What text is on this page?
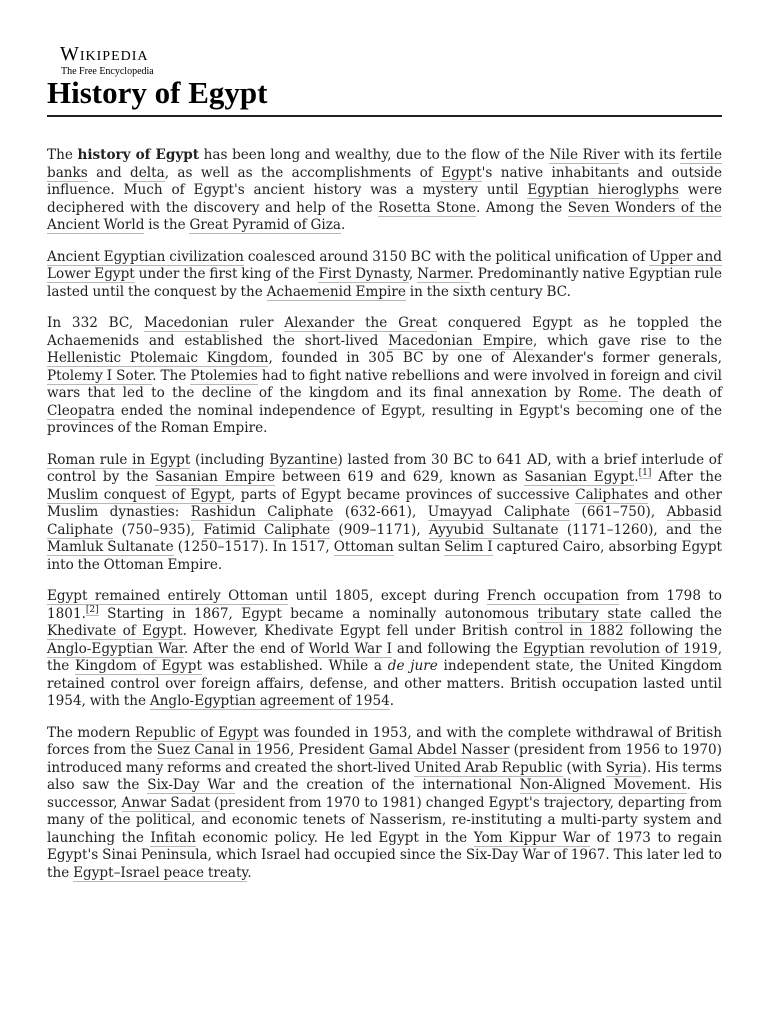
Wikipedia
The Free Encyclopedia
History of Egypt

The history of Egypt has been long and wealthy, due to the flow of the Nile River with its fertile banks and delta, as well as the accomplishments of Egypt's native inhabitants and outside influence. Much of Egypt's ancient history was a mystery until Egyptian hieroglyphs were deciphered with the discovery and help of the Rosetta Stone. Among the Seven Wonders of the Ancient World is the Great Pyramid of Giza.

Ancient Egyptian civilization coalesced around 3150 BC with the political unification of Upper and Lower Egypt under the first king of the First Dynasty, Narmer. Predominantly native Egyptian rule lasted until the conquest by the Achaemenid Empire in the sixth century BC.

In 332 BC, Macedonian ruler Alexander the Great conquered Egypt as he toppled the Achaemenids and established the short-lived Macedonian Empire, which gave rise to the Hellenistic Ptolemaic Kingdom, founded in 305 BC by one of Alexander's former generals, Ptolemy I Soter. The Ptolemies had to fight native rebellions and were involved in foreign and civil wars that led to the decline of the kingdom and its final annexation by Rome. The death of Cleopatra ended the nominal independence of Egypt, resulting in Egypt's becoming one of the provinces of the Roman Empire.

Roman rule in Egypt (including Byzantine) lasted from 30 BC to 641 AD, with a brief interlude of control by the Sasanian Empire between 619 and 629, known as Sasanian Egypt.[1] After the Muslim conquest of Egypt, parts of Egypt became provinces of successive Caliphates and other Muslim dynasties: Rashidun Caliphate (632-661), Umayyad Caliphate (661–750), Abbasid Caliphate (750–935), Fatimid Caliphate (909–1171), Ayyubid Sultanate (1171–1260), and the Mamluk Sultanate (1250–1517). In 1517, Ottoman sultan Selim I captured Cairo, absorbing Egypt into the Ottoman Empire.

Egypt remained entirely Ottoman until 1805, except during French occupation from 1798 to 1801.[2] Starting in 1867, Egypt became a nominally autonomous tributary state called the Khedivate of Egypt. However, Khedivate Egypt fell under British control in 1882 following the Anglo-Egyptian War. After the end of World War I and following the Egyptian revolution of 1919, the Kingdom of Egypt was established. While a de jure independent state, the United Kingdom retained control over foreign affairs, defense, and other matters. British occupation lasted until 1954, with the Anglo-Egyptian agreement of 1954.

The modern Republic of Egypt was founded in 1953, and with the complete withdrawal of British forces from the Suez Canal in 1956, President Gamal Abdel Nasser (president from 1956 to 1970) introduced many reforms and created the short-lived United Arab Republic (with Syria). His terms also saw the Six-Day War and the creation of the international Non-Aligned Movement. His successor, Anwar Sadat (president from 1970 to 1981) changed Egypt's trajectory, departing from many of the political, and economic tenets of Nasserism, re-instituting a multi-party system and launching the Infitah economic policy. He led Egypt in the Yom Kippur War of 1973 to regain Egypt's Sinai Peninsula, which Israel had occupied since the Six-Day War of 1967. This later led to the Egypt–Israel peace treaty.
